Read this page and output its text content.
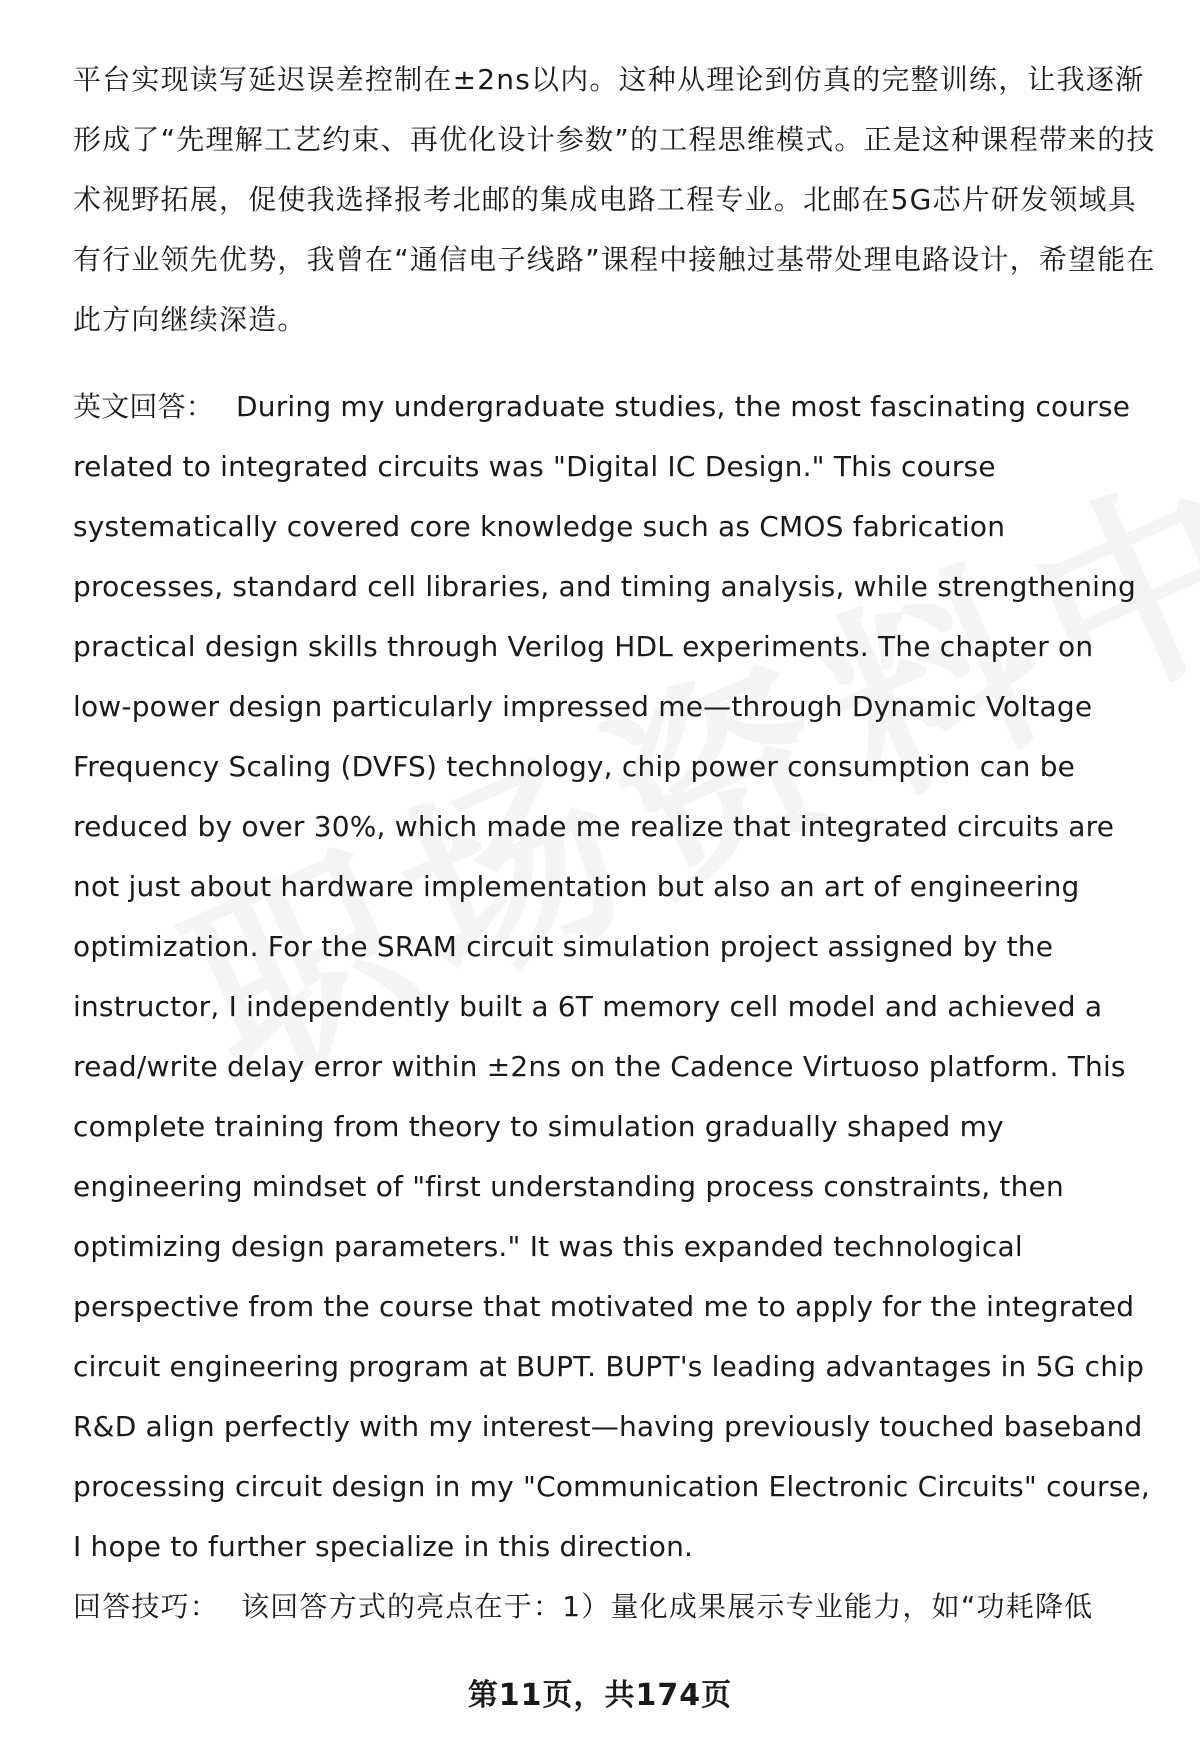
平台实现读写延迟误差控制在±2ns以内。这种从理论到仿真的完整训练，让我逐渐形成了“先理解工艺约束、再优化设计参数”的工程思维模式。正是这种课程带来的技术视野拓展，促使我选择报考北邮的集成电路工程专业。北邮在5G芯片研发领域具有行业领先优势，我曾在“通信电子线路”课程中接触过基带处理电路设计，希望能在此方向继续深造。
英文回答： During my undergraduate studies, the most fascinating course related to integrated circuits was "Digital IC Design." This course systematically covered core knowledge such as CMOS fabrication processes, standard cell libraries, and timing analysis, while strengthening practical design skills through Verilog HDL experiments. The chapter on low-power design particularly impressed me—through Dynamic Voltage Frequency Scaling (DVFS) technology, chip power consumption can be reduced by over 30%, which made me realize that integrated circuits are not just about hardware implementation but also an art of engineering optimization. For the SRAM circuit simulation project assigned by the instructor, I independently built a 6T memory cell model and achieved a read/write delay error within ±2ns on the Cadence Virtuoso platform. This complete training from theory to simulation gradually shaped my engineering mindset of "first understanding process constraints, then optimizing design parameters." It was this expanded technological perspective from the course that motivated me to apply for the integrated circuit engineering program at BUPT. BUPT's leading advantages in 5G chip R&D align perfectly with my interest—having previously touched baseband processing circuit design in my "Communication Electronic Circuits" course, I hope to further specialize in this direction.
回答技巧： 该回答方式的亮点在于：1）量化成果展示专业能力，如“功耗降低
第11页，共174页
